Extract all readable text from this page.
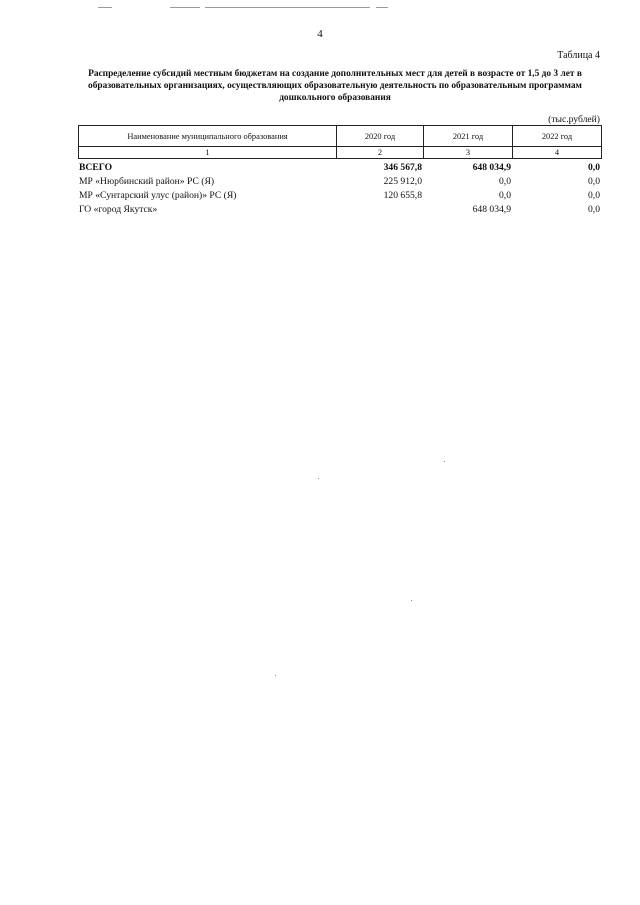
4
Таблица 4
Распределение субсидий местным бюджетам на создание дополнительных мест для детей в возрасте от 1,5 до 3 лет в образовательных организациях, осуществляющих образовательную деятельность по образовательным программам дошкольного образования
(тыс.рублей)
Наименование муниципального образования	2020 год	2021 год	2022 год
1	2	3	4
ВСЕГО	346 567,8	648 034,9	0,0
МР «Нюрбинский район» РС (Я)	225 912,0	0,0	0,0
МР «Сунтарский улус (район)» РС (Я)	120 655,8	0,0	0,0
ГО «город Якутск»		648 034,9	0,0
